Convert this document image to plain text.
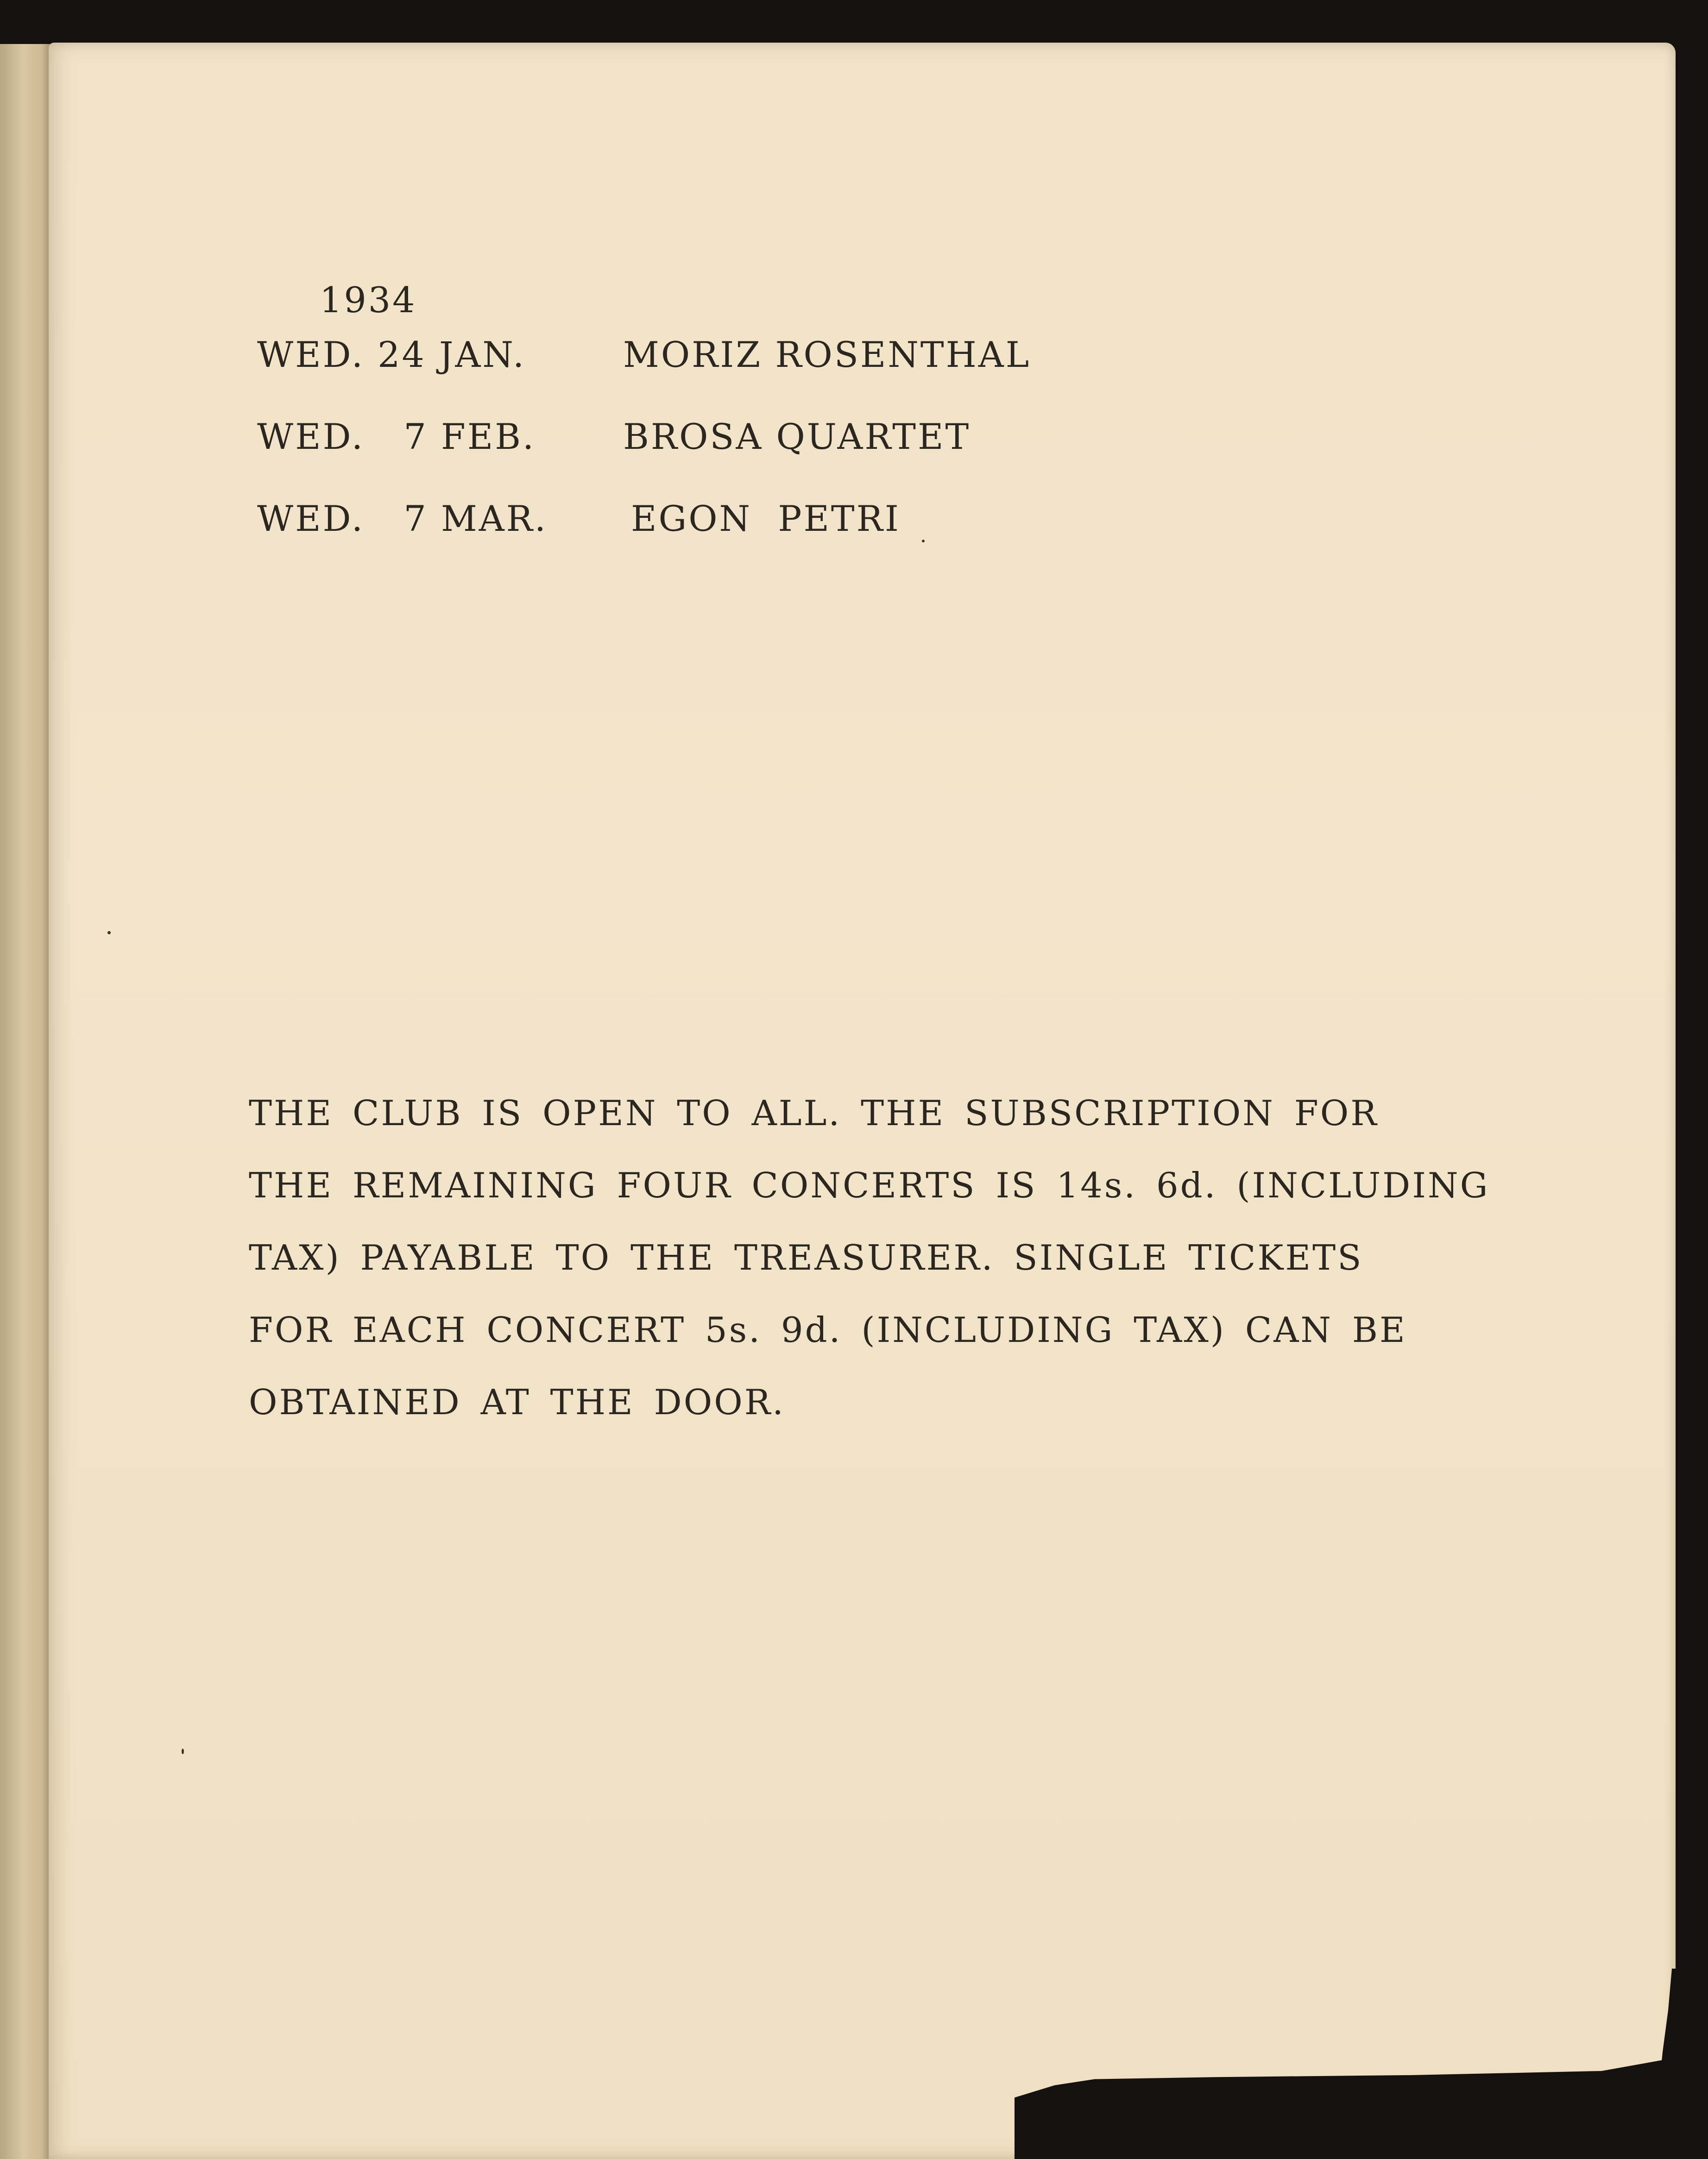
1934
WED. 24 JAN.	MORIZ ROSENTHAL
WED.   7 FEB. BROSA QUARTET
WED.   7 MAR. EGON  PETRI
THE CLUB IS OPEN TO ALL. THE SUBSCRIPTION FOR
THE REMAINING FOUR CONCERTS IS 14s. 6d. (INCLUDING
TAX) PAYABLE TO THE TREASURER. SINGLE TICKETS
FOR EACH CONCERT 5s. 9d. (INCLUDING TAX) CAN BE
OBTAINED AT THE DOOR.
